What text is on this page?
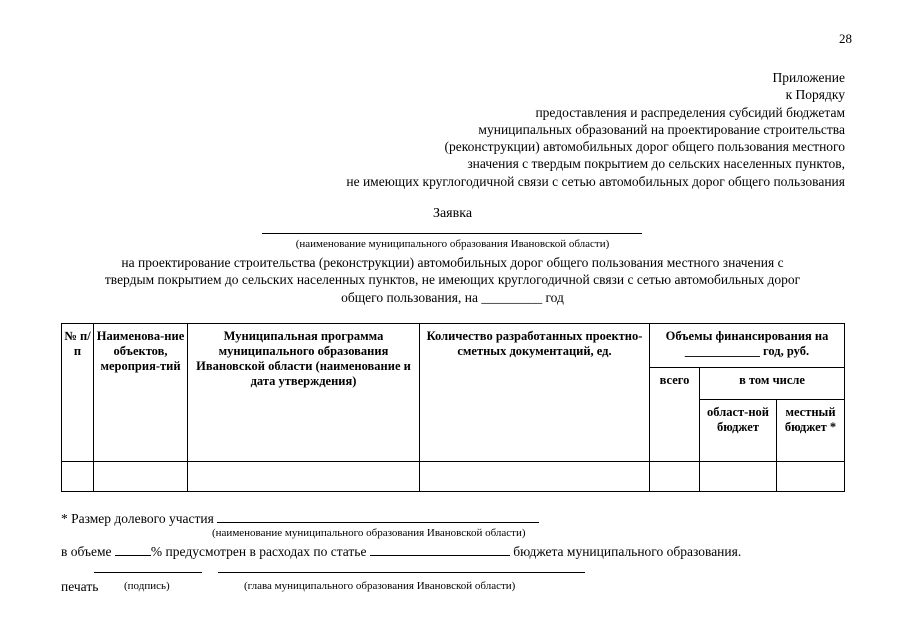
28
Приложение
к Порядку
предоставления и распределения субсидий бюджетам
муниципальных образований на проектирование строительства
(реконструкции) автомобильных дорог общего пользования местного
значения с твердым покрытием до сельских населенных пунктов,
не имеющих круглогодичной связи с сетью автомобильных дорог общего пользования
Заявка
(наименование муниципального образования Ивановской области)
на проектирование строительства (реконструкции) автомобильных дорог общего пользования местного значения с
твердым покрытием до сельских населенных пунктов, не имеющих круглогодичной связи с сетью автомобильных дорог
общего пользования, на _________ год
№ п/п	Наименова-ние объектов, мероприя-тий	Муниципальная программа муниципального образования Ивановской области (наименование и дата утверждения)	Количество разработанных проектно-сметных документаций, ед.	Объемы финансирования на ____________ год, руб.		
				всего	в том числе	
					област-ной бюджет	местный бюджет *

* Размер долевого участия
(наименование муниципального образования Ивановской области)
в объеме	% предусмотрен в расходах по статье	бюджета муниципального образования.
печать (подпись)	(глава муниципального образования Ивановской области)
